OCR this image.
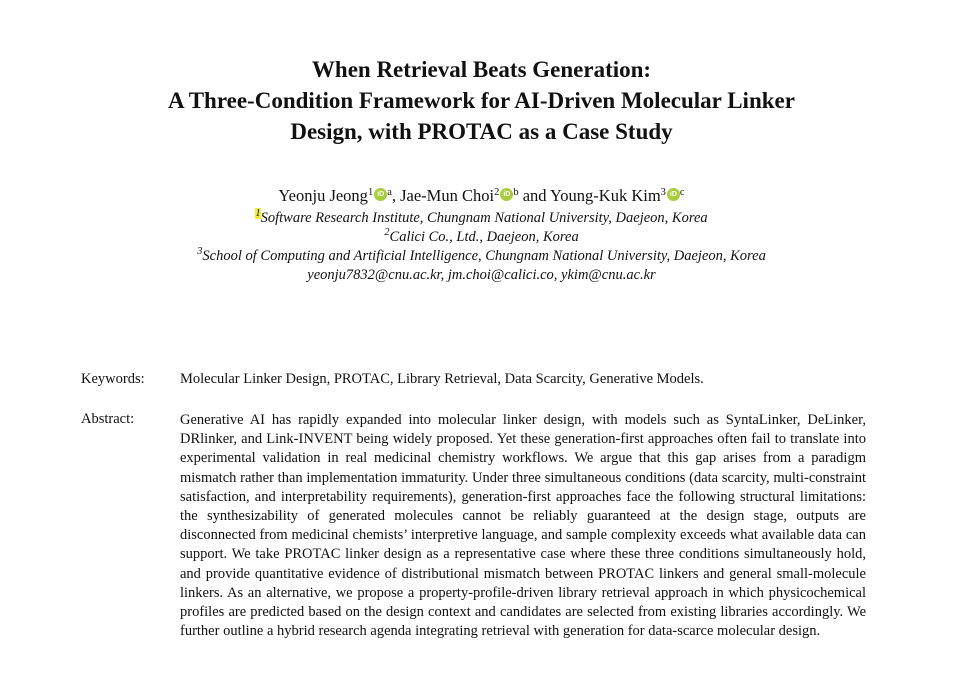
When Retrieval Beats Generation:
A Three-Condition Framework for AI-Driven Molecular Linker
Design, with PROTAC as a Case Study
Yeonju Jeong$^1$ iD $^a$, Jae-Mun Choi$^2$ iD $^b$ and Young-Kuk Kim$^3$ iD $^c$
$^1$Software Research Institute, Chungnam National University, Daejeon, Korea
$^2$Calici Co., Ltd., Daejeon, Korea
$^3$School of Computing and Artificial Intelligence, Chungnam National University, Daejeon, Korea
yeonju7832@cnu.ac.kr, jm.choi@calici.co, ykim@cnu.ac.kr
Keywords: Molecular Linker Design, PROTAC, Library Retrieval, Data Scarcity, Generative Models.
Abstract:	Generative AI has rapidly expanded into molecular linker design, with models such as SyntaLinker, DeLinker, DRlinker, and Link-INVENT being widely proposed. Yet these generation-first approaches often fail to translate into experimental validation in real medicinal chemistry workflows. We argue that this gap arises from a paradigm mismatch rather than implementation immaturity. Under three simultaneous conditions (data scarcity, multi-constraint satisfaction, and interpretability requirements), generation-first approaches face the following structural limitations: the synthesizability of generated molecules cannot be reliably guaranteed at the design stage, outputs are disconnected from medicinal chemists’ interpretive language, and sample complexity exceeds what available data can support. We take PROTAC linker design as a representative case where these three conditions simultaneously hold, and provide quantitative evidence of distributional mismatch between PROTAC linkers and general small-molecule linkers. As an alternative, we propose a property-profile-driven library retrieval approach in which physicochemical profiles are predicted based on the design context and candidates are selected from existing libraries accordingly. We further outline a hybrid research agenda integrating retrieval with generation for data-scarce molecular design.
